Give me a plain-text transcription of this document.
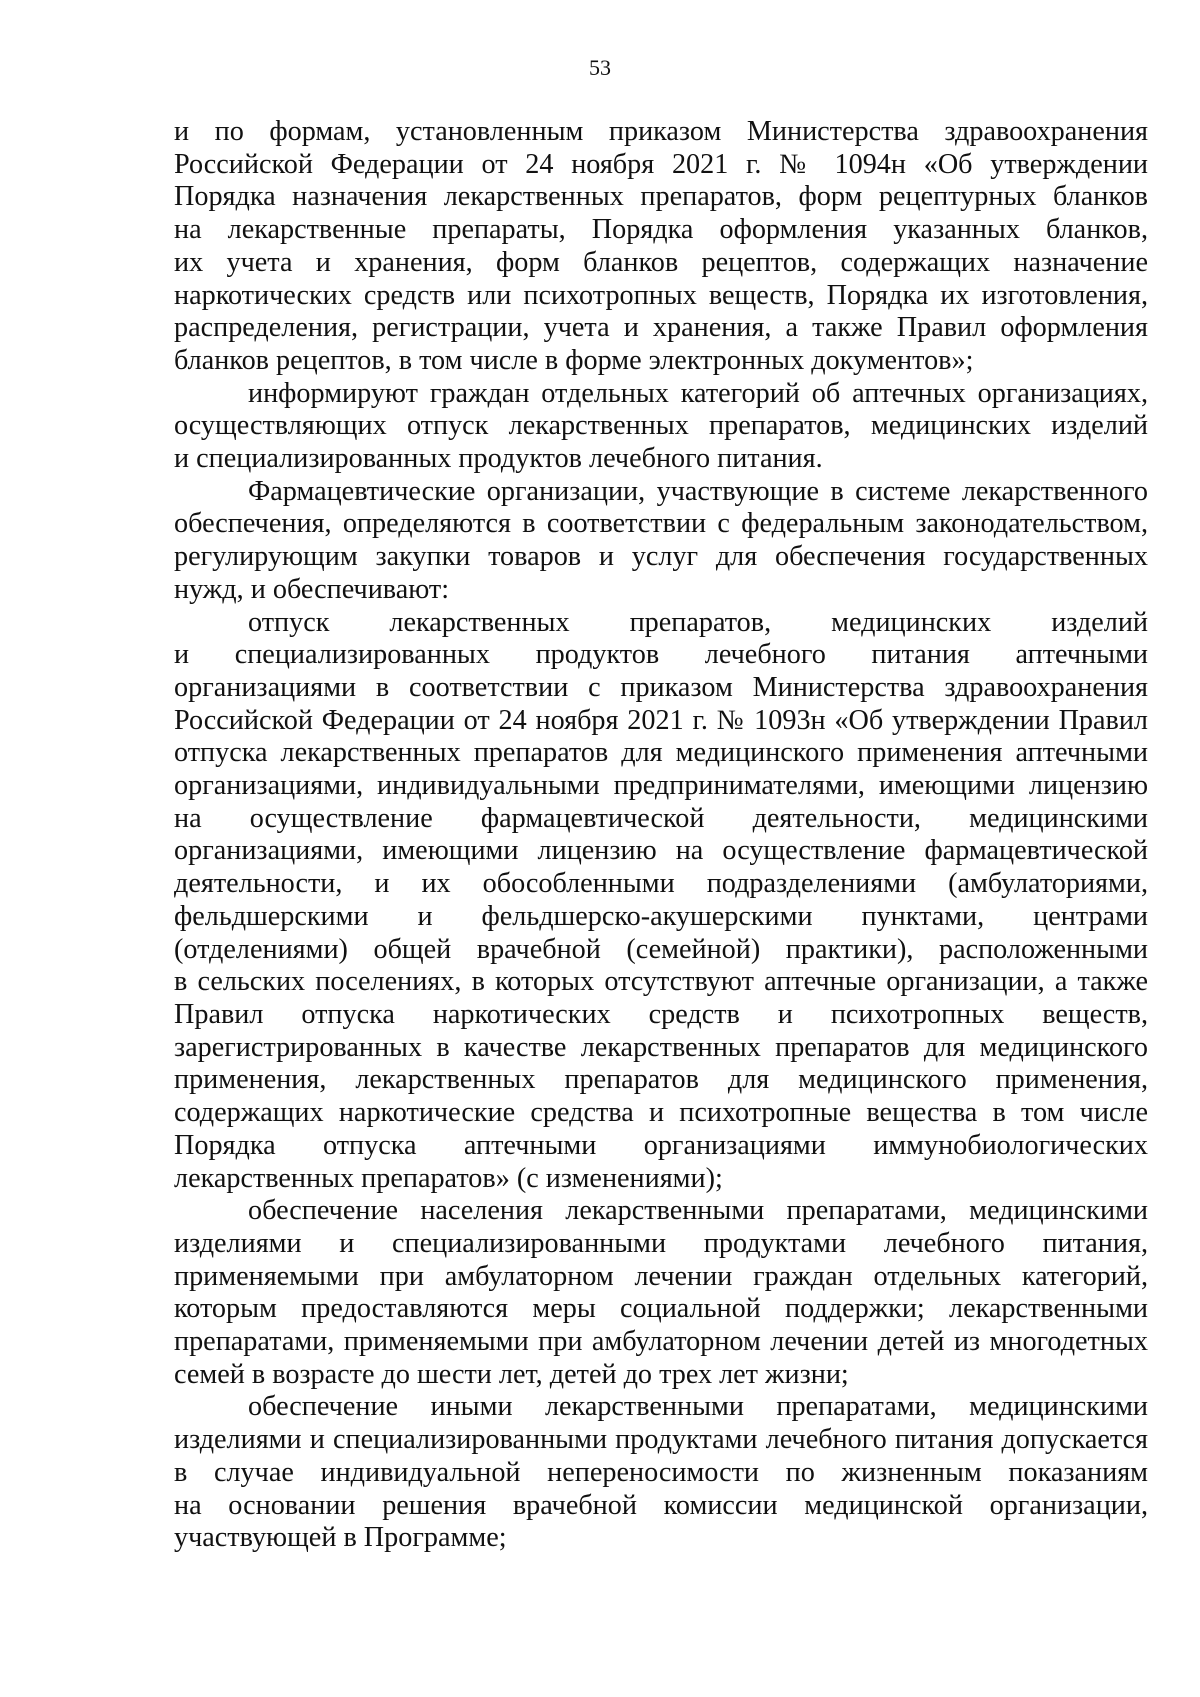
53

и по формам, установленным приказом Министерства здравоохранения
Российской Федерации от 24 ноября 2021 г. № 1094н «Об утверждении
Порядка назначения лекарственных препаратов, форм рецептурных бланков
на лекарственные препараты, Порядка оформления указанных бланков,
их учета и хранения, форм бланков рецептов, содержащих назначение
наркотических средств или психотропных веществ, Порядка их изготовления,
распределения, регистрации, учета и хранения, а также Правил оформления
бланков рецептов, в том числе в форме электронных документов»;

информируют граждан отдельных категорий об аптечных организациях,
осуществляющих отпуск лекарственных препаратов, медицинских изделий
и специализированных продуктов лечебного питания.

Фармацевтические организации, участвующие в системе лекарственного
обеспечения, определяются в соответствии с федеральным законодательством,
регулирующим закупки товаров и услуг для обеспечения государственных
нужд, и обеспечивают:

отпуск лекарственных препаратов, медицинских изделий
и специализированных продуктов лечебного питания аптечными
организациями в соответствии с приказом Министерства здравоохранения
Российской Федерации от 24 ноября 2021 г. № 1093н «Об утверждении Правил
отпуска лекарственных препаратов для медицинского применения аптечными
организациями, индивидуальными предпринимателями, имеющими лицензию
на осуществление фармацевтической деятельности, медицинскими
организациями, имеющими лицензию на осуществление фармацевтической
деятельности, и их обособленными подразделениями (амбулаториями,
фельдшерскими и фельдшерско-акушерскими пунктами, центрами
(отделениями) общей врачебной (семейной) практики), расположенными
в сельских поселениях, в которых отсутствуют аптечные организации, а также
Правил отпуска наркотических средств и психотропных веществ,
зарегистрированных в качестве лекарственных препаратов для медицинского
применения, лекарственных препаратов для медицинского применения,
содержащих наркотические средства и психотропные вещества в том числе
Порядка отпуска аптечными организациями иммунобиологических
лекарственных препаратов» (с изменениями);

обеспечение населения лекарственными препаратами, медицинскими
изделиями и специализированными продуктами лечебного питания,
применяемыми при амбулаторном лечении граждан отдельных категорий,
которым предоставляются меры социальной поддержки; лекарственными
препаратами, применяемыми при амбулаторном лечении детей из многодетных
семей в возрасте до шести лет, детей до трех лет жизни;

обеспечение иными лекарственными препаратами, медицинскими
изделиями и специализированными продуктами лечебного питания допускается
в случае индивидуальной непереносимости по жизненным показаниям
на основании решения врачебной комиссии медицинской организации,
участвующей в Программе;
